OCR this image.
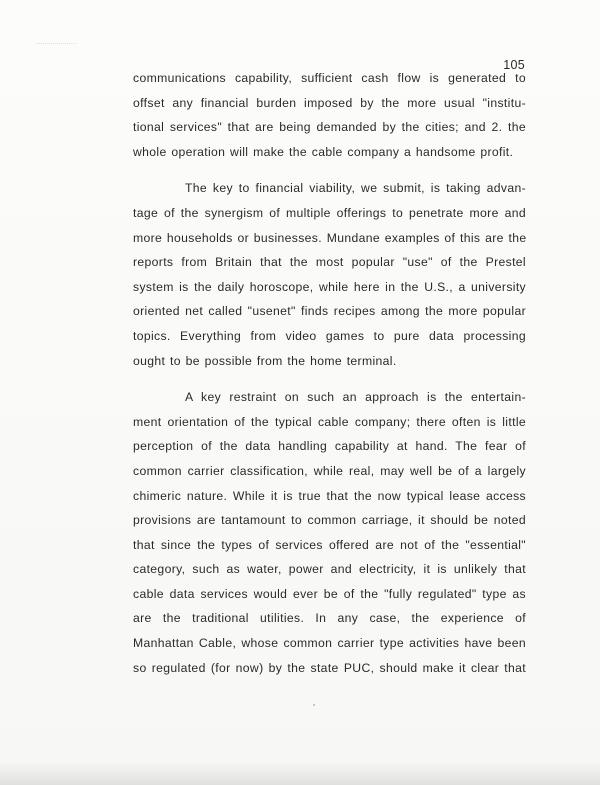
105
communications capability, sufficient cash flow is generated to
offset any financial burden imposed by the more usual "institu-
tional services" that are being demanded by the cities; and 2. the
whole operation will make the cable company a handsome profit.
The key to financial viability, we submit, is taking advan-
tage of the synergism of multiple offerings to penetrate more and
more households or businesses. Mundane examples of this are the
reports from Britain that the most popular "use" of the Prestel
system is the daily horoscope, while here in the U.S., a university
oriented net called "usenet" finds recipes among the more popular
topics. Everything from video games to pure data processing
ought to be possible from the home terminal.
A key restraint on such an approach is the entertain-
ment orientation of the typical cable company; there often is little
perception of the data handling capability at hand. The fear of
common carrier classification, while real, may well be of a largely
chimeric nature. While it is true that the now typical lease access
provisions are tantamount to common carriage, it should be noted
that since the types of services offered are not of the "essential"
category, such as water, power and electricity, it is unlikely that
cable data services would ever be of the "fully regulated" type as
are the traditional utilities. In any case, the experience of
Manhattan Cable, whose common carrier type activities have been
so regulated (for now) by the state PUC, should make it clear that
